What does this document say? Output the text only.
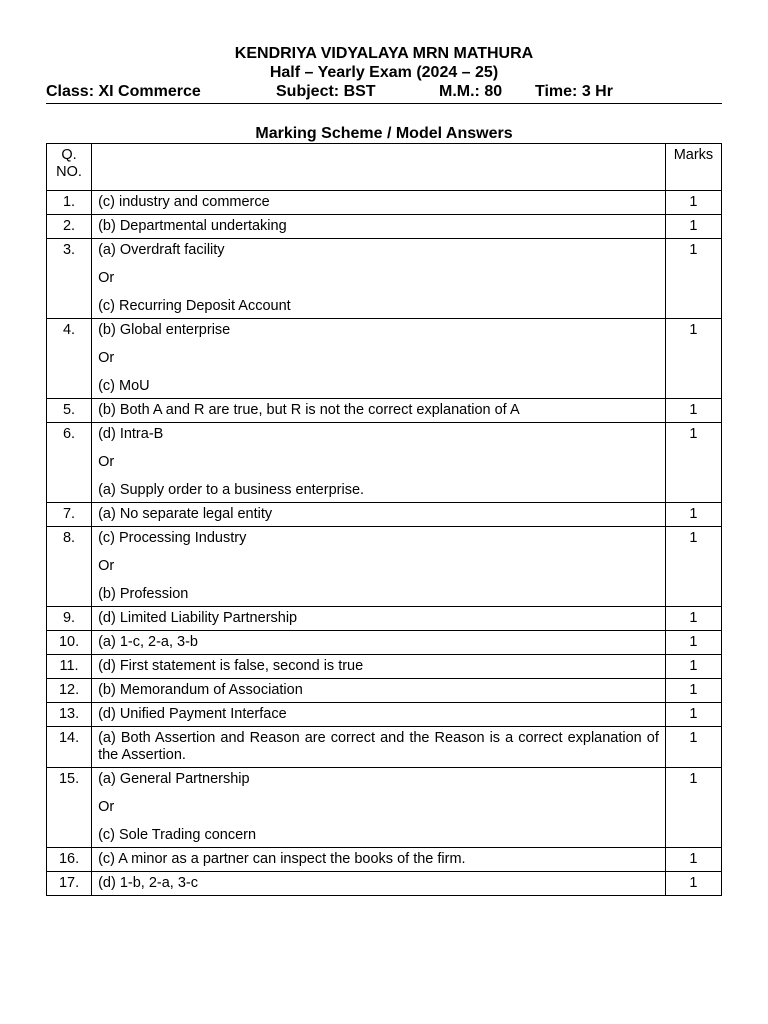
KENDRIYA VIDYALAYA MRN MATHURA

Half – Yearly Exam (2024 – 25)

Class: XI Commerce	Subject: BST	M.M.: 80 Time: 3 Hr
Marking Scheme / Model Answers
Q. NO.		Marks
1.	(c) industry and commerce	1
2.	(b) Departmental undertaking	1
3.	(a) Overdraft facility

Or

(c) Recurring Deposit Account	1
4.	(b) Global enterprise

Or

(c) MoU	1
5.	(b) Both A and R are true, but R is not the correct explanation of A	1
6.	(d) Intra-B

Or

(a) Supply order to a business enterprise.	1
7.	(a) No separate legal entity	1
8.	(c) Processing Industry

Or

(b) Profession	1
9.	(d) Limited Liability Partnership	1
10.	(a) 1-c, 2-a, 3-b	1
11.	(d) First statement is false, second is true	1
12.	(b) Memorandum of Association	1
13.	(d) Unified Payment Interface	1
14.	(a) Both Assertion and Reason are correct and the Reason is a correct explanation of the Assertion.	1
15.	(a) General Partnership

Or

(c) Sole Trading concern	1
16.	(c) A minor as a partner can inspect the books of the firm.	1
17.	(d) 1-b, 2-a, 3-c	1
